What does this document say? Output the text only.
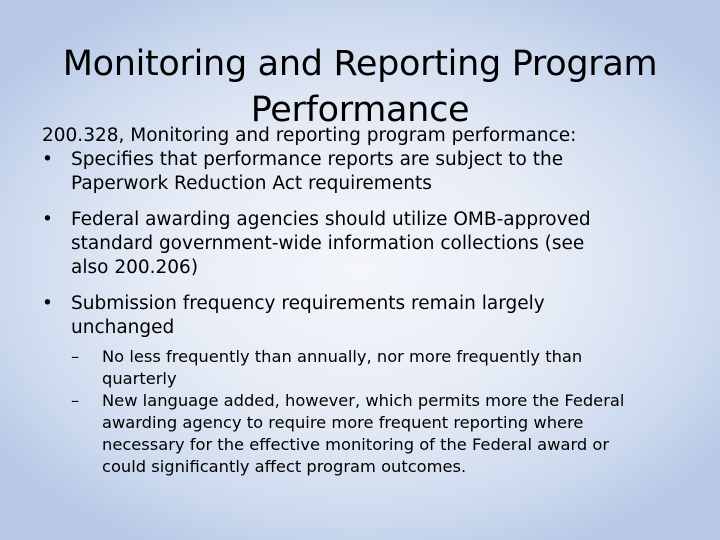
Monitoring and Reporting Program
Performance

200.328, Monitoring and reporting program performance:

• Specifies that performance reports are subject to the
Paperwork Reduction Act requirements
• Federal awarding agencies should utilize OMB-approved
standard government-wide information collections (see
also 200.206)
• Submission frequency requirements remain largely
unchanged
– No less frequently than annually, nor more frequently than
quarterly
– New language added, however, which permits more the Federal
awarding agency to require more frequent reporting where
necessary for the effective monitoring of the Federal award or
could significantly affect program outcomes.
